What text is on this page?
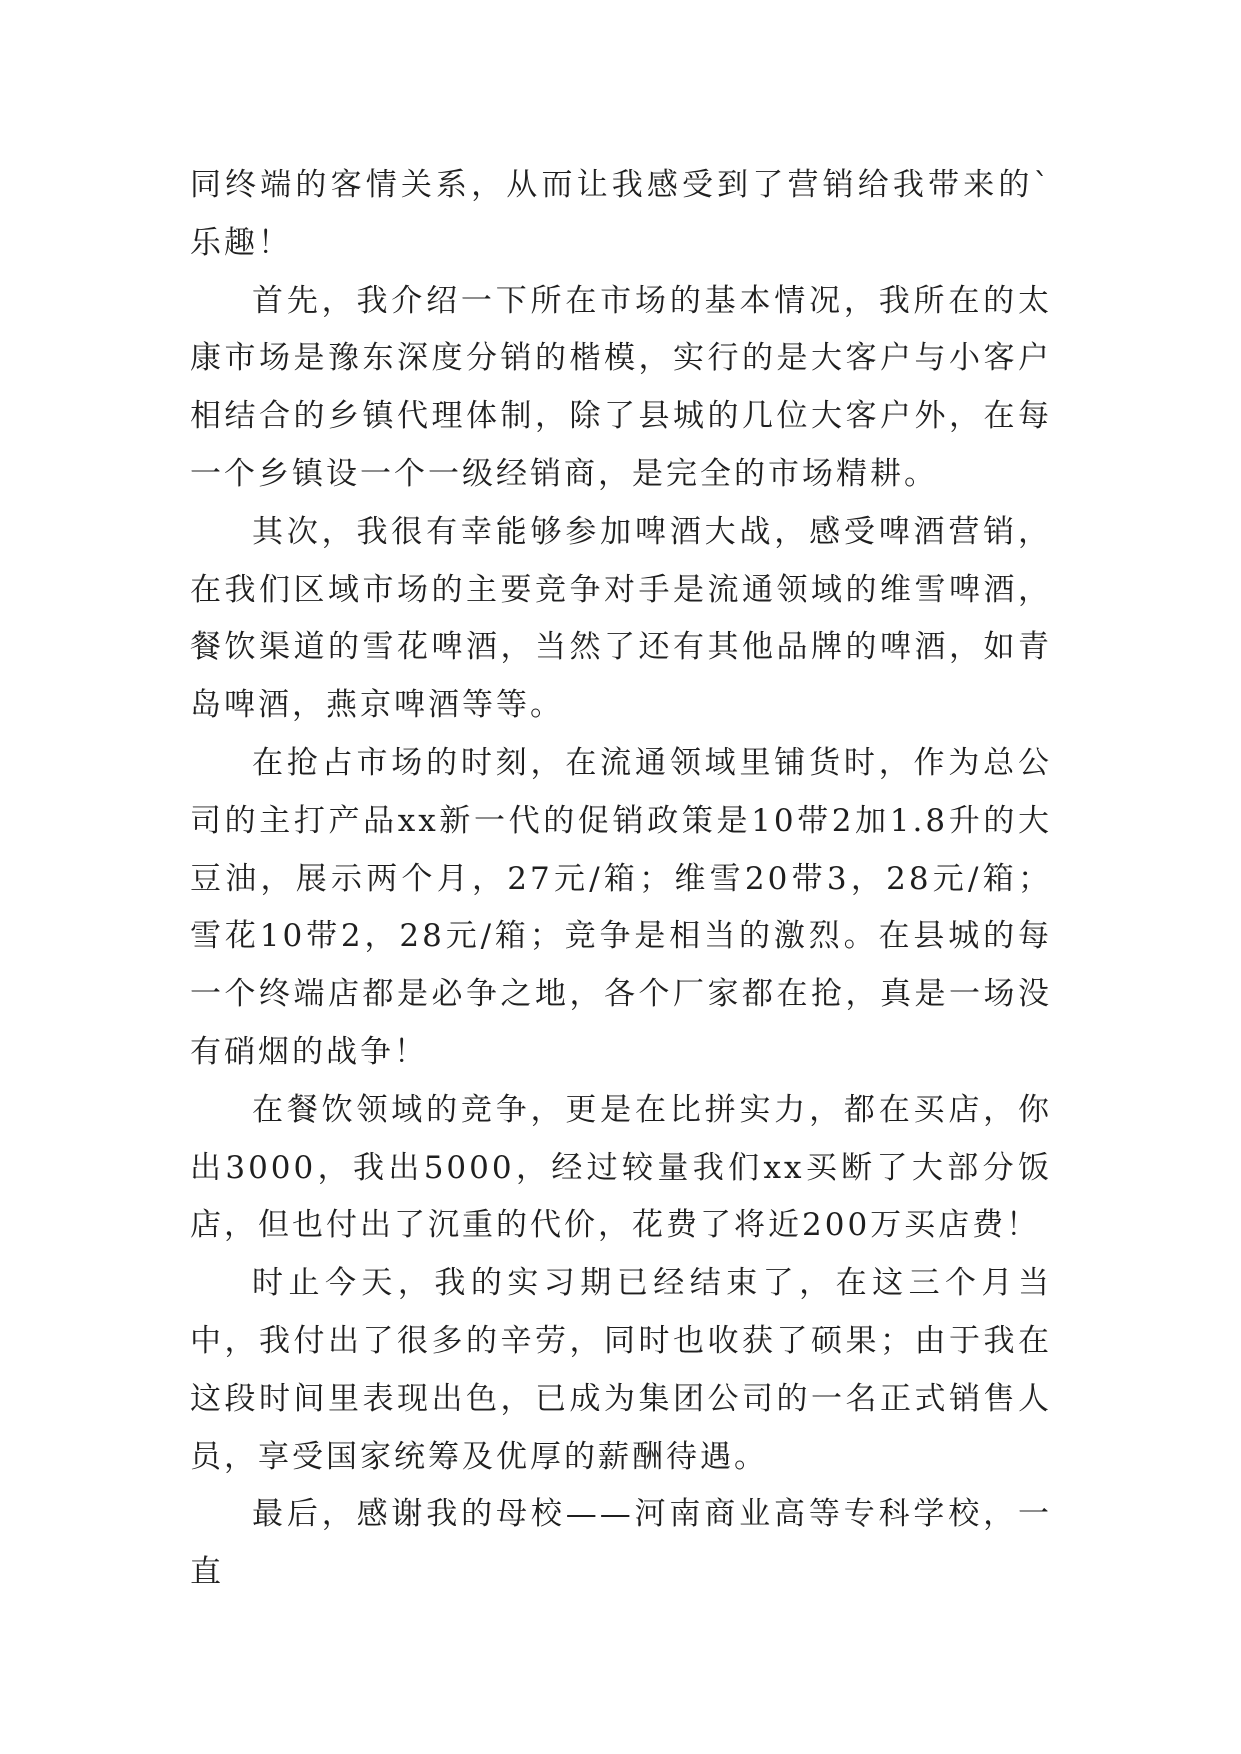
同终端的客情关系，从而让我感受到了营销给我带来的`乐趣！

首先，我介绍一下所在市场的基本情况，我所在的太康市场是豫东深度分销的楷模，实行的是大客户与小客户相结合的乡镇代理体制，除了县城的几位大客户外，在每一个乡镇设一个一级经销商，是完全的市场精耕。

其次，我很有幸能够参加啤酒大战，感受啤酒营销，在我们区域市场的主要竞争对手是流通领域的维雪啤酒，餐饮渠道的雪花啤酒，当然了还有其他品牌的啤酒，如青岛啤酒，燕京啤酒等等。

在抢占市场的时刻，在流通领域里铺货时，作为总公司的主打产品xx新一代的促销政策是10带2加1.8升的大豆油，展示两个月，27元/箱；维雪20带3，28元/箱；雪花10带2，28元/箱；竞争是相当的激烈。在县城的每一个终端店都是必争之地，各个厂家都在抢，真是一场没有硝烟的战争！

在餐饮领域的竞争，更是在比拼实力，都在买店，你出3000，我出5000，经过较量我们xx买断了大部分饭店，但也付出了沉重的代价，花费了将近200万买店费！

时止今天，我的实习期已经结束了，在这三个月当中，我付出了很多的辛劳，同时也收获了硕果；由于我在这段时间里表现出色，已成为集团公司的一名正式销售人员，享受国家统筹及优厚的薪酬待遇。

最后，感谢我的母校——河南商业高等专科学校，一直
